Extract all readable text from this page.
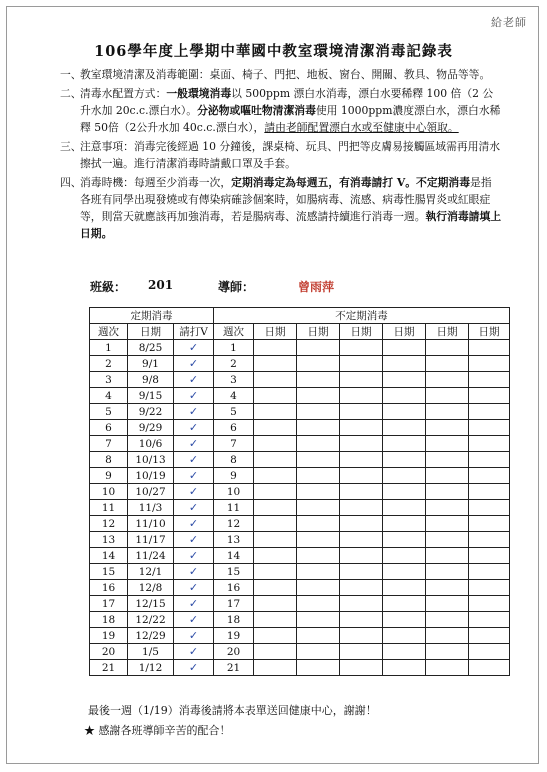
給老師
106學年度上學期中華國中教室環境清潔消毒記錄表
一、
教室環境清潔及消毒範圍：桌面、椅子、門把、地板、窗台、開關、教具、物品等等。
二、
清毒水配置方式：一般環境消毒以 500ppm 漂白水消毒，漂白水要稀釋 100 倍（2 公升水加 20c.c.漂白水）。分泌物或嘔吐物清潔消毒使用 1000ppm濃度漂白水，漂白水稀釋 50倍（2公升水加 40c.c.漂白水），請由老師配置漂白水或至健康中心領取。
三、
注意事項：消毒完後經過 10 分鐘後，課桌椅、玩具、門把等皮膚易接觸區域需再用清水擦拭一遍。進行清潔消毒時請戴口罩及手套。
四、
消毒時機：每週至少消毒一次，定期消毒定為每週五，有消毒請打 V。不定期消毒是指各班有同學出現發燒或有傳染病確診個案時，如腸病毒、流感、病毒性腸胃炎或紅眼症等，則當天就應該再加強消毒，若是腸病毒、流感請持續進行消毒一週。執行消毒請填上日期。
班級：	201	導師：	曾雨萍
定期消毒			不定期消毒						
週次	日期	請打V	週次	日期	日期	日期	日期	日期	日期
1	8/25	✓	1						
2	9/1	✓	2						
3	9/8	✓	3						
4	9/15	✓	4						
5	9/22	✓	5						
6	9/29	✓	6						
7	10/6	✓	7						
8	10/13	✓	8						
9	10/19	✓	9						
10	10/27	✓	10						
11	11/3	✓	11						
12	11/10	✓	12						
13	11/17	✓	13						
14	11/24	✓	14						
15	12/1	✓	15						
16	12/8	✓	16						
17	12/15	✓	17						
18	12/22	✓	18						
19	12/29	✓	19						
20	1/5	✓	20						
21	1/12	✓	21						
最後一週（1/19）消毒後請將本表單送回健康中心，謝謝！
★ 感謝各班導師辛苦的配合！
